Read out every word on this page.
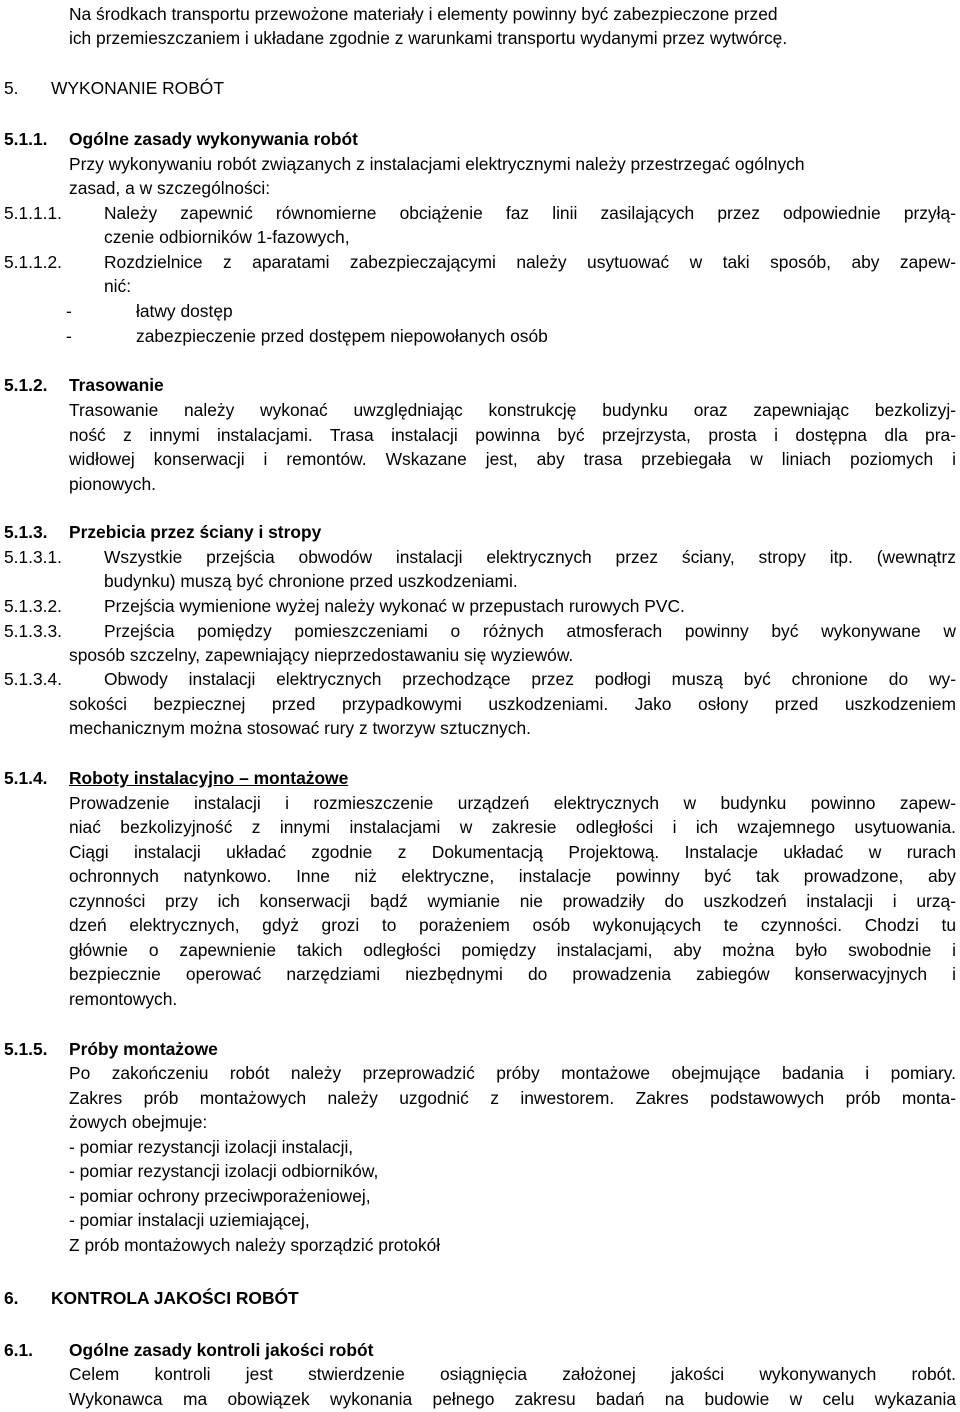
Na środkach transportu przewożone materiały i elementy powinny być zabezpieczone przed
ich przemieszczaniem i układane zgodnie z warunkami transportu wydanymi przez wytwórcę.
5. WYKONANIE ROBÓT
5.1.1. Ogólne zasady wykonywania robót
Przy wykonywaniu robót związanych z instalacjami elektrycznymi należy przestrzegać ogólnych
zasad, a w szczególności:
5.1.1.1. Należy zapewnić równomierne obciążenie faz linii zasilających przez odpowiednie przyłą-
czenie odbiorników 1-fazowych,
5.1.1.2. Rozdzielnice z aparatami zabezpieczającymi należy usytuować w taki sposób, aby zapew-
nić:
-	łatwy dostęp
-	zabezpieczenie przed dostępem niepowołanych osób
5.1.2. Trasowanie
Trasowanie należy wykonać uwzględniając konstrukcję budynku oraz zapewniając bezkolizyj-
ność z innymi instalacjami. Trasa instalacji powinna być przejrzysta, prosta i dostępna dla pra-
widłowej konserwacji i remontów. Wskazane jest, aby trasa przebiegała w liniach poziomych i
pionowych.
5.1.3. Przebicia przez ściany i stropy
5.1.3.1. Wszystkie przejścia obwodów instalacji elektrycznych przez ściany, stropy itp. (wewnątrz
budynku) muszą być chronione przed uszkodzeniami.
5.1.3.2. Przejścia wymienione wyżej należy wykonać w przepustach rurowych PVC.
5.1.3.3. Przejścia pomiędzy pomieszczeniami o różnych atmosferach powinny być wykonywane w
sposób szczelny, zapewniający nieprzedostawaniu się wyziewów.
5.1.3.4. Obwody instalacji elektrycznych przechodzące przez podłogi muszą być chronione do wy-
sokości bezpiecznej przed przypadkowymi uszkodzeniami. Jako osłony przed uszkodzeniem
mechanicznym można stosować rury z tworzyw sztucznych.
5.1.4. Roboty instalacyjno – montażowe
Prowadzenie instalacji i rozmieszczenie urządzeń elektrycznych w budynku powinno zapew-
niać bezkolizyjność z innymi instalacjami w zakresie odległości i ich wzajemnego usytuowania.
Ciągi instalacji układać zgodnie z Dokumentacją Projektową. Instalacje układać w rurach
ochronnych natynkowo. Inne niż elektryczne, instalacje powinny być tak prowadzone, aby
czynności przy ich konserwacji bądź wymianie nie prowadziły do uszkodzeń instalacji i urzą-
dzeń elektrycznych, gdyż grozi to porażeniem osób wykonujących te czynności. Chodzi tu
głównie o zapewnienie takich odległości pomiędzy instalacjami, aby można było swobodnie i
bezpiecznie operować narzędziami niezbędnymi do prowadzenia zabiegów konserwacyjnych i
remontowych.
5.1.5. Próby montażowe
Po zakończeniu robót należy przeprowadzić próby montażowe obejmujące badania i pomiary.
Zakres prób montażowych należy uzgodnić z inwestorem. Zakres podstawowych prób monta-
żowych obejmuje:
- pomiar rezystancji izolacji instalacji,
- pomiar rezystancji izolacji odbiorników,
- pomiar ochrony przeciwporażeniowej,
- pomiar instalacji uziemiającej,
Z prób montażowych należy sporządzić protokół
6. KONTROLA JAKOŚCI ROBÓT
6.1. Ogólne zasady kontroli jakości robót
Celem kontroli jest stwierdzenie osiągnięcia założonej jakości wykonywanych robót.
Wykonawca ma obowiązek wykonania pełnego zakresu badań na budowie w celu wykazania
